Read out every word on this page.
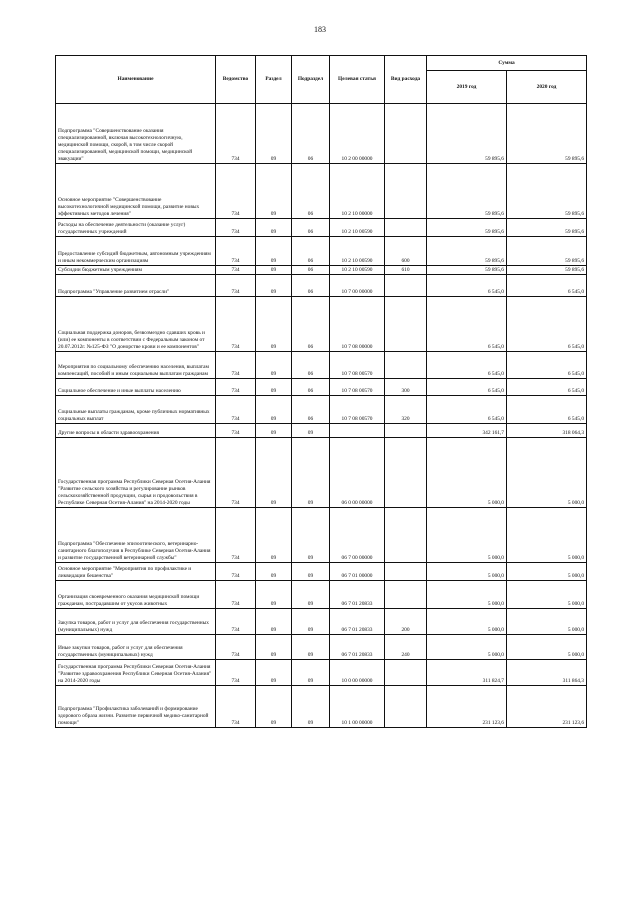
183
Наименование	Ведомство	Раздел	Подраздел	Целевая статья	Вид расхода	Сумма	
						2019 год	2020 год
Подпрограмма "Совершенствование оказания специализированной, включая высокотехнологичную, медицинской помощи, скорой, в том числе скорой специализированной, медицинской помощи, медицинской эвакуации"	734	09	06	10 2 00 00000		59 895,6	59 895,6
Основное мероприятие "Совершенствование высокотехнологичной медицинской помощи, развитие новых эффективных методов лечения"	734	09	06	10 2 10 00000		59 895,6	59 895,6
Расходы на обеспечение деятельности (оказание услуг) государственных учреждений	734	09	06	10 2 10 00590		59 895,6	59 895,6
Предоставление субсидий бюджетным, автономным учреждениям и иным некоммерческим организациям	734	09	06	10 2 10 00590	600	59 895,6	59 895,6
Субсидии бюджетным учреждениям	734	09	06	10 2 10 00590	610	59 895,6	59 895,6
Подпрограмма "Управление развитием отрасли"	734	09	06	10 7 00 00000		6 545,0	6 545,0
Социальная поддержка доноров, безвозмездно сдавших кровь и (или) ее компоненты в соответствии с Федеральным законом от 20.07.2012г. №125-ФЗ "О донорстве крови и ее компонентов"	734	09	06	10 7 08 00000		6 545,0	6 545,0
Мероприятия по социальному обеспечению населения, выплатам компенсаций, пособий и иным социальным выплатам гражданам	734	09	06	10 7 08 00570		6 545,0	6 545,0
Социальное обеспечение и иные выплаты населению	734	09	06	10 7 08 00570	300	6 545,0	6 545,0
Социальные выплаты гражданам, кроме публичных нормативных социальных выплат	734	09	06	10 7 08 00570	320	6 545,0	6 545,0
Другие вопросы в области здравоохранения	734	09	09			342 161,7	318 064,3
Государственная программа Республики Северная Осетия-Алания "Развитие сельского хозяйства и регулирование рынков сельскохозяйственной продукции, сырья и продовольствия в Республике Северная Осетия-Алания" на 2014-2020 годы	734	09	09	06 0 00 00000		5 000,0	5 000,0
Подпрограмма "Обеспечение эпизоотического, ветеринарно-санитарного благополучия в Республике Северная Осетия-Алания и развитие государственной ветеринарной службы"	734	09	09	06 7 00 00000		5 000,0	5 000,0
Основное мероприятие "Мероприятия по профилактике и ликвидации бешенства"	734	09	09	06 7 01 00000		5 000,0	5 000,0
Организация своевременного оказания медицинской помощи гражданам, пострадавшим от укусов животных	734	09	09	06 7 01 20833		5 000,0	5 000,0
Закупка товаров, работ и услуг для обеспечения государственных (муниципальных) нужд	734	09	09	06 7 01 20833	200	5 000,0	5 000,0
Иные закупки товаров, работ и услуг для обеспечения государственных (муниципальных) нужд	734	09	09	06 7 01 20833	240	5 000,0	5 000,0
Государственная программа Республики Северная Осетия-Алания "Развитие здравоохранения Республики Северная Осетия-Алания" на 2014-2020 годы	734	09	09	10 0 00 00000		311 824,7	311 864,3
Подпрограмма "Профилактика заболеваний и формирование здорового образа жизни. Развитие первичной медико-санитарной помощи"	734	09	09	10 1 00 00000		231 123,6	231 123,6
